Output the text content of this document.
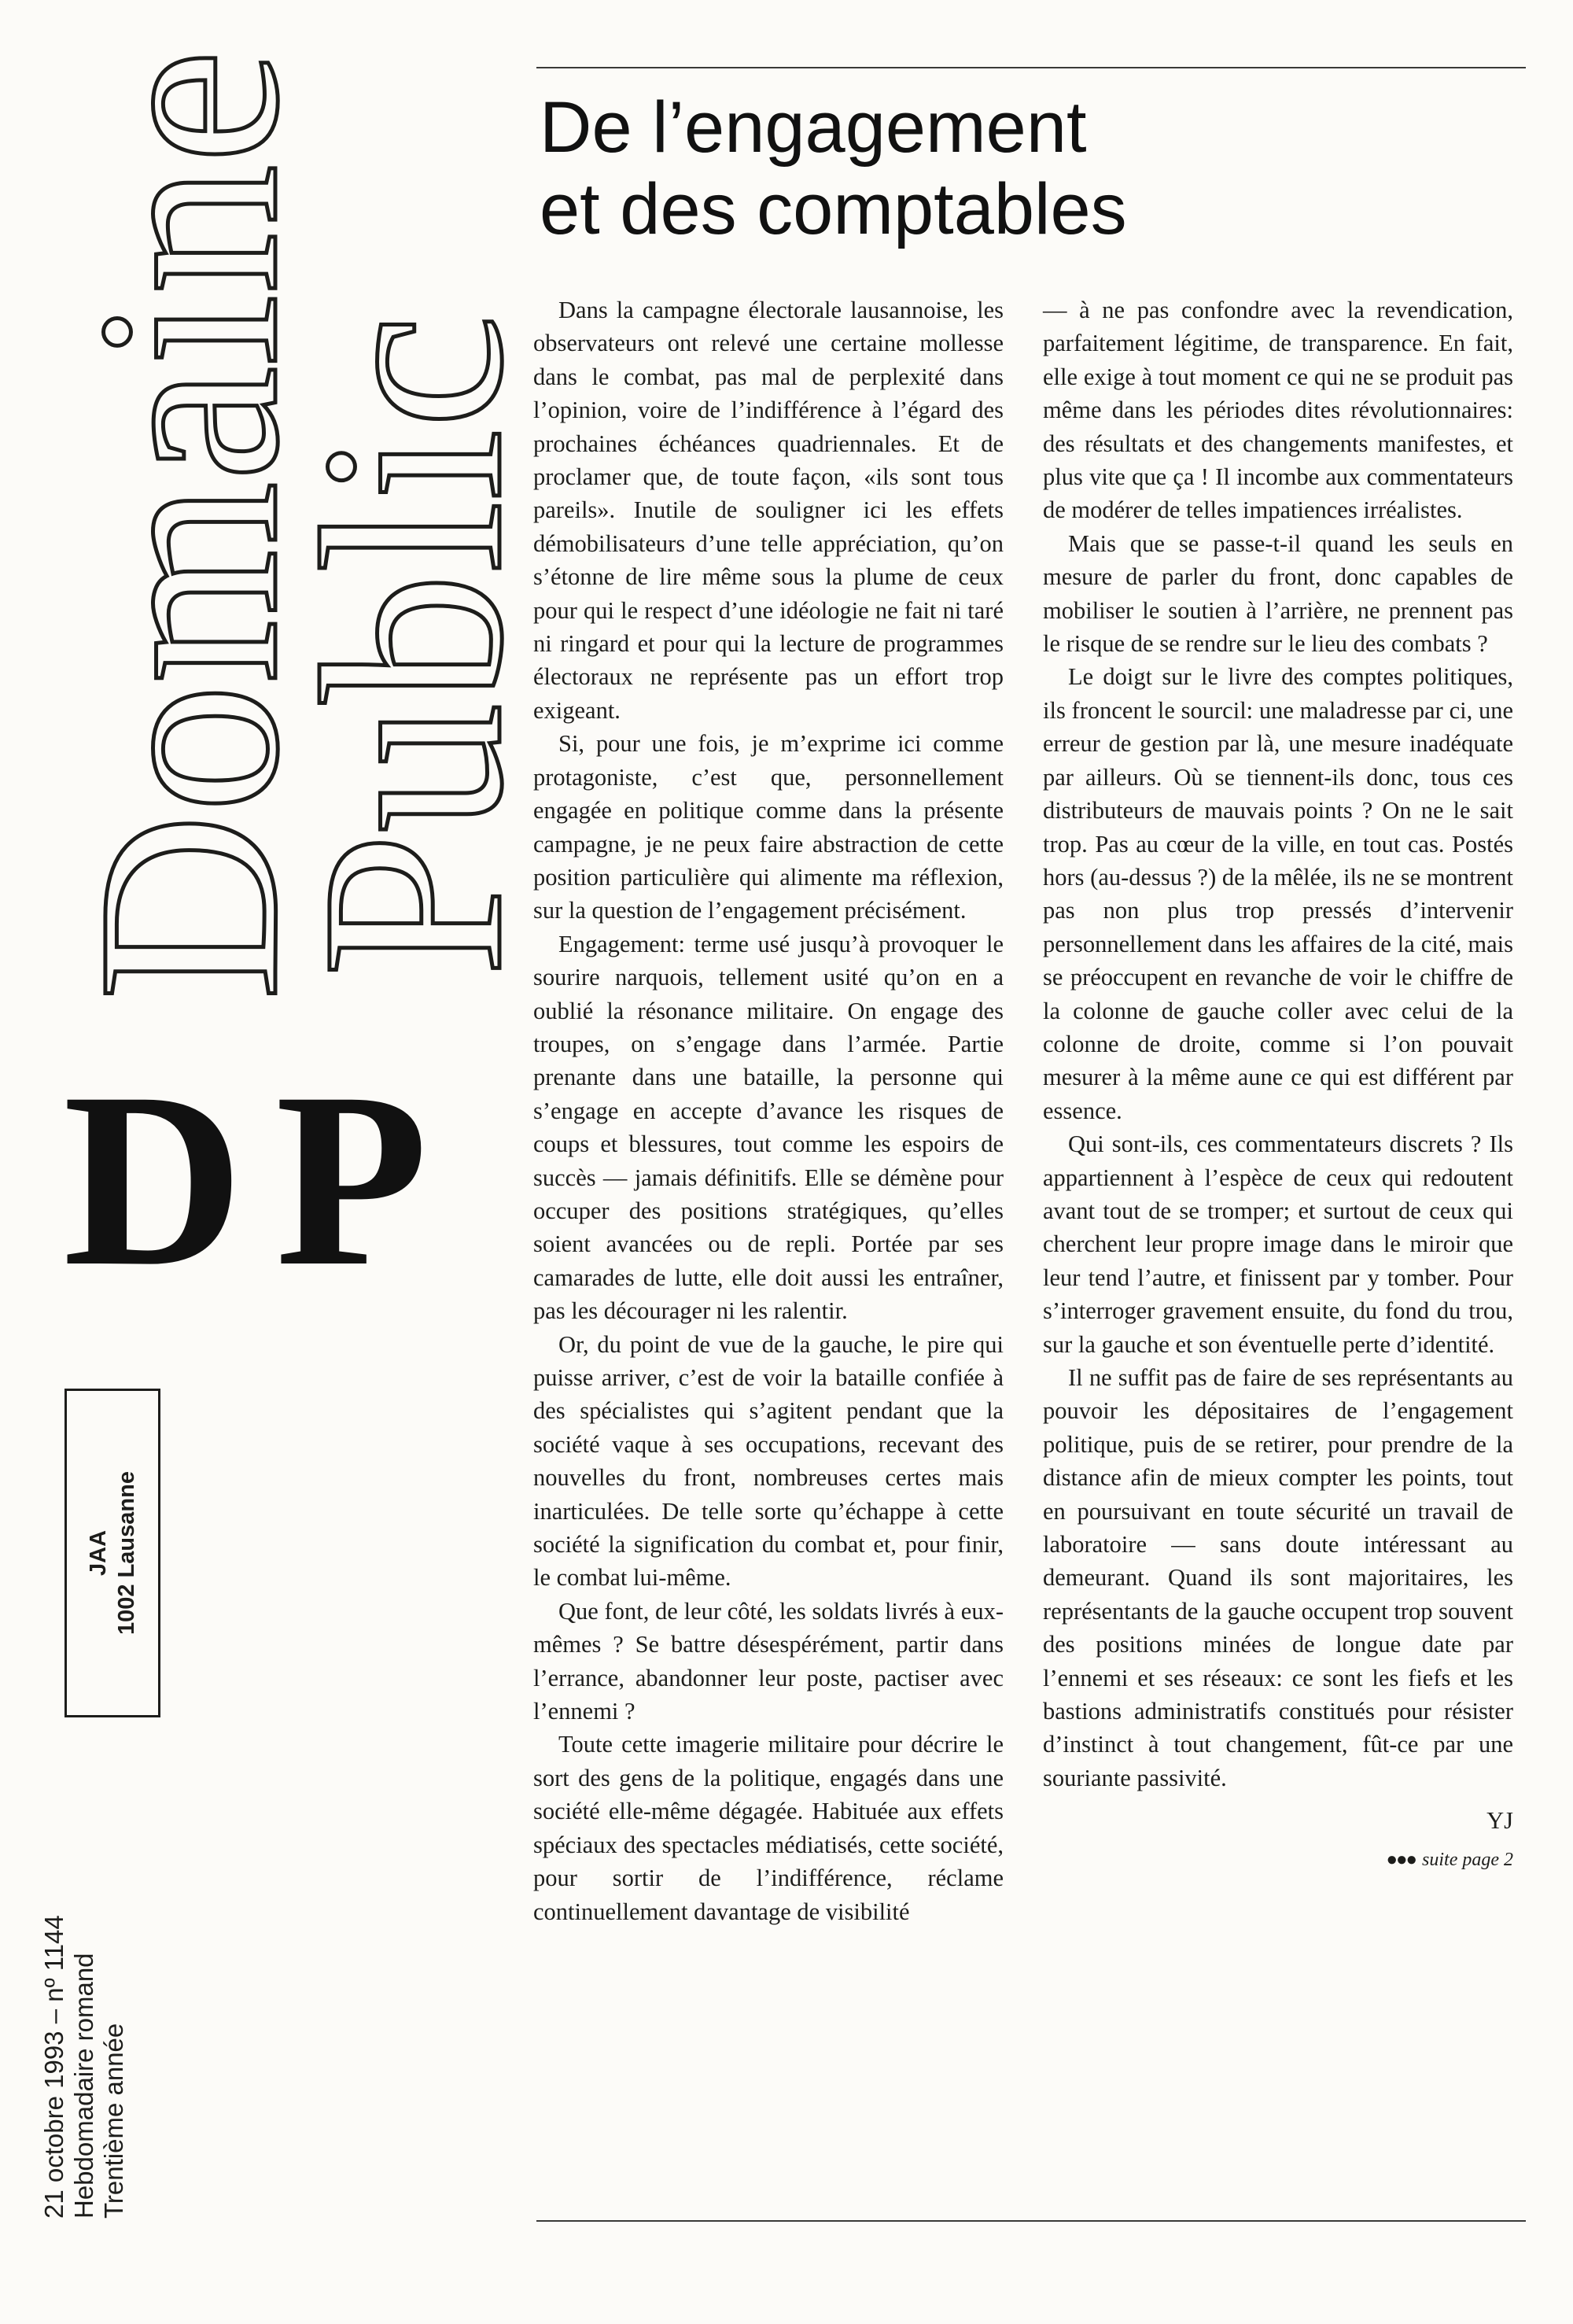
Domaine
Public
D P
JAA 1002 Lausanne
21 octobre 1993 – nº 1144 Hebdomadaire romand Trentième année
De l’engagement
et des comptables

Dans la campagne électorale lausannoise, les observateurs ont relevé une certaine mollesse dans le combat, pas mal de perplexité dans l’opinion, voire de l’indifférence à l’égard des prochaines échéances quadriennales. Et de proclamer que, de toute façon, «ils sont tous pareils». Inutile de souligner ici les effets démobilisateurs d’une telle appréciation, qu’on s’étonne de lire même sous la plume de ceux pour qui le respect d’une idéologie ne fait ni taré ni ringard et pour qui la lecture de programmes électoraux ne représente pas un effort trop exigeant.

Si, pour une fois, je m’exprime ici comme protagoniste, c’est que, personnellement engagée en politique comme dans la présente campagne, je ne peux faire abstraction de cette position particulière qui alimente ma réflexion, sur la question de l’engagement précisément.

Engagement: terme usé jusqu’à provoquer le sourire narquois, tellement usité qu’on en a oublié la résonance militaire. On engage des troupes, on s’engage dans l’armée. Partie prenante dans une bataille, la personne qui s’engage en accepte d’avance les risques de coups et blessures, tout comme les espoirs de succès — jamais définitifs. Elle se démène pour occuper des positions stratégiques, qu’elles soient avancées ou de repli. Portée par ses camarades de lutte, elle doit aussi les entraîner, pas les décourager ni les ralentir.

Or, du point de vue de la gauche, le pire qui puisse arriver, c’est de voir la bataille confiée à des spécialistes qui s’agitent pendant que la société vaque à ses occupations, recevant des nouvelles du front, nombreuses certes mais inarticulées. De telle sorte qu’échappe à cette société la signification du combat et, pour finir, le combat lui-même.

Que font, de leur côté, les soldats livrés à eux-mêmes ? Se battre désespérément, partir dans l’errance, abandonner leur poste, pactiser avec l’ennemi ?

Toute cette imagerie militaire pour décrire le sort des gens de la politique, engagés dans une société elle-même dégagée. Habituée aux effets spéciaux des spectacles médiatisés, cette société, pour sortir de l’indifférence, réclame continuellement davantage de visibilité

— à ne pas confondre avec la revendication, parfaitement légitime, de transparence. En fait, elle exige à tout moment ce qui ne se produit pas même dans les périodes dites révolutionnaires: des résultats et des changements manifestes, et plus vite que ça ! Il incombe aux commentateurs de modérer de telles impatiences irréalistes.

Mais que se passe-t-il quand les seuls en mesure de parler du front, donc capables de mobiliser le soutien à l’arrière, ne prennent pas le risque de se rendre sur le lieu des combats ?

Le doigt sur le livre des comptes politiques, ils froncent le sourcil: une maladresse par ci, une erreur de gestion par là, une mesure inadéquate par ailleurs. Où se tiennent-ils donc, tous ces distributeurs de mauvais points ? On ne le sait trop. Pas au cœur de la ville, en tout cas. Postés hors (au-dessus ?) de la mêlée, ils ne se montrent pas non plus trop pressés d’intervenir personnellement dans les affaires de la cité, mais se préoccupent en revanche de voir le chiffre de la colonne de gauche coller avec celui de la colonne de droite, comme si l’on pouvait mesurer à la même aune ce qui est différent par essence.

Qui sont-ils, ces commentateurs discrets ? Ils appartiennent à l’espèce de ceux qui redoutent avant tout de se tromper; et surtout de ceux qui cherchent leur propre image dans le miroir que leur tend l’autre, et finissent par y tomber. Pour s’interroger gravement ensuite, du fond du trou, sur la gauche et son éventuelle perte d’identité.

Il ne suffit pas de faire de ses représentants au pouvoir les dépositaires de l’engagement politique, puis de se retirer, pour prendre de la distance afin de mieux compter les points, tout en poursuivant en toute sécurité un travail de laboratoire — sans doute intéressant au demeurant. Quand ils sont majoritaires, les représentants de la gauche occupent trop souvent des positions minées de longue date par l’ennemi et ses réseaux: ce sont les fiefs et les bastions administratifs constitués pour résister d’instinct à tout changement, fût-ce par une souriante passivité.

YJ

●●● suite page 2
